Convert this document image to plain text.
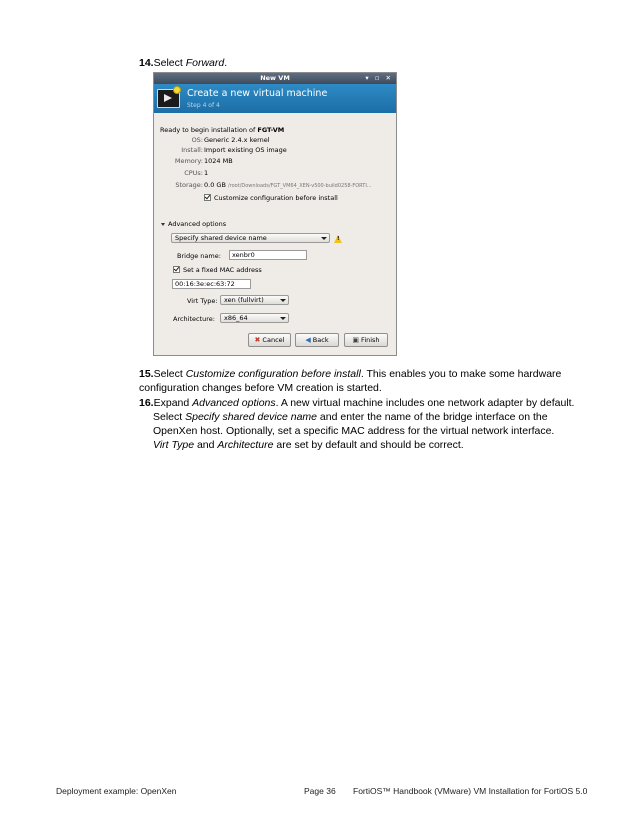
14.Select Forward.
New VM	▾ ▫ ✕
Create a new virtual machine
Step 4 of 4
Ready to begin installation of FGT-VM
OS: Generic 2.4.x kernel
Install: Import existing OS image
Memory: 1024 MB
CPUs: 1
Storage: 0.0 GB /root/Downloads/FGT_VM64_XEN-v500-build0258-FORTI...
Customize configuration before install
Advanced options
Specify shared device name	!
Bridge name:	xenbr0
Set a fixed MAC address
00:16:3e:ec:63:72
Virt Type: xen (fullvirt)
Architecture:	x86_64
✖ Cancel	◀ Back	▣ Finish
15.Select Customize configuration before install. This enables you to make some hardware configuration changes before VM creation is started.
16.Expand Advanced options. A new virtual machine includes one network adapter by default.

Select Specify shared device name and enter the name of the bridge interface on the OpenXen host. Optionally, set a specific MAC address for the virtual network interface.

Virt Type and Architecture are set by default and should be correct.

Deployment example: OpenXen	Page 36 FortiOS™ Handbook (VMware) VM Installation for FortiOS 5.0
